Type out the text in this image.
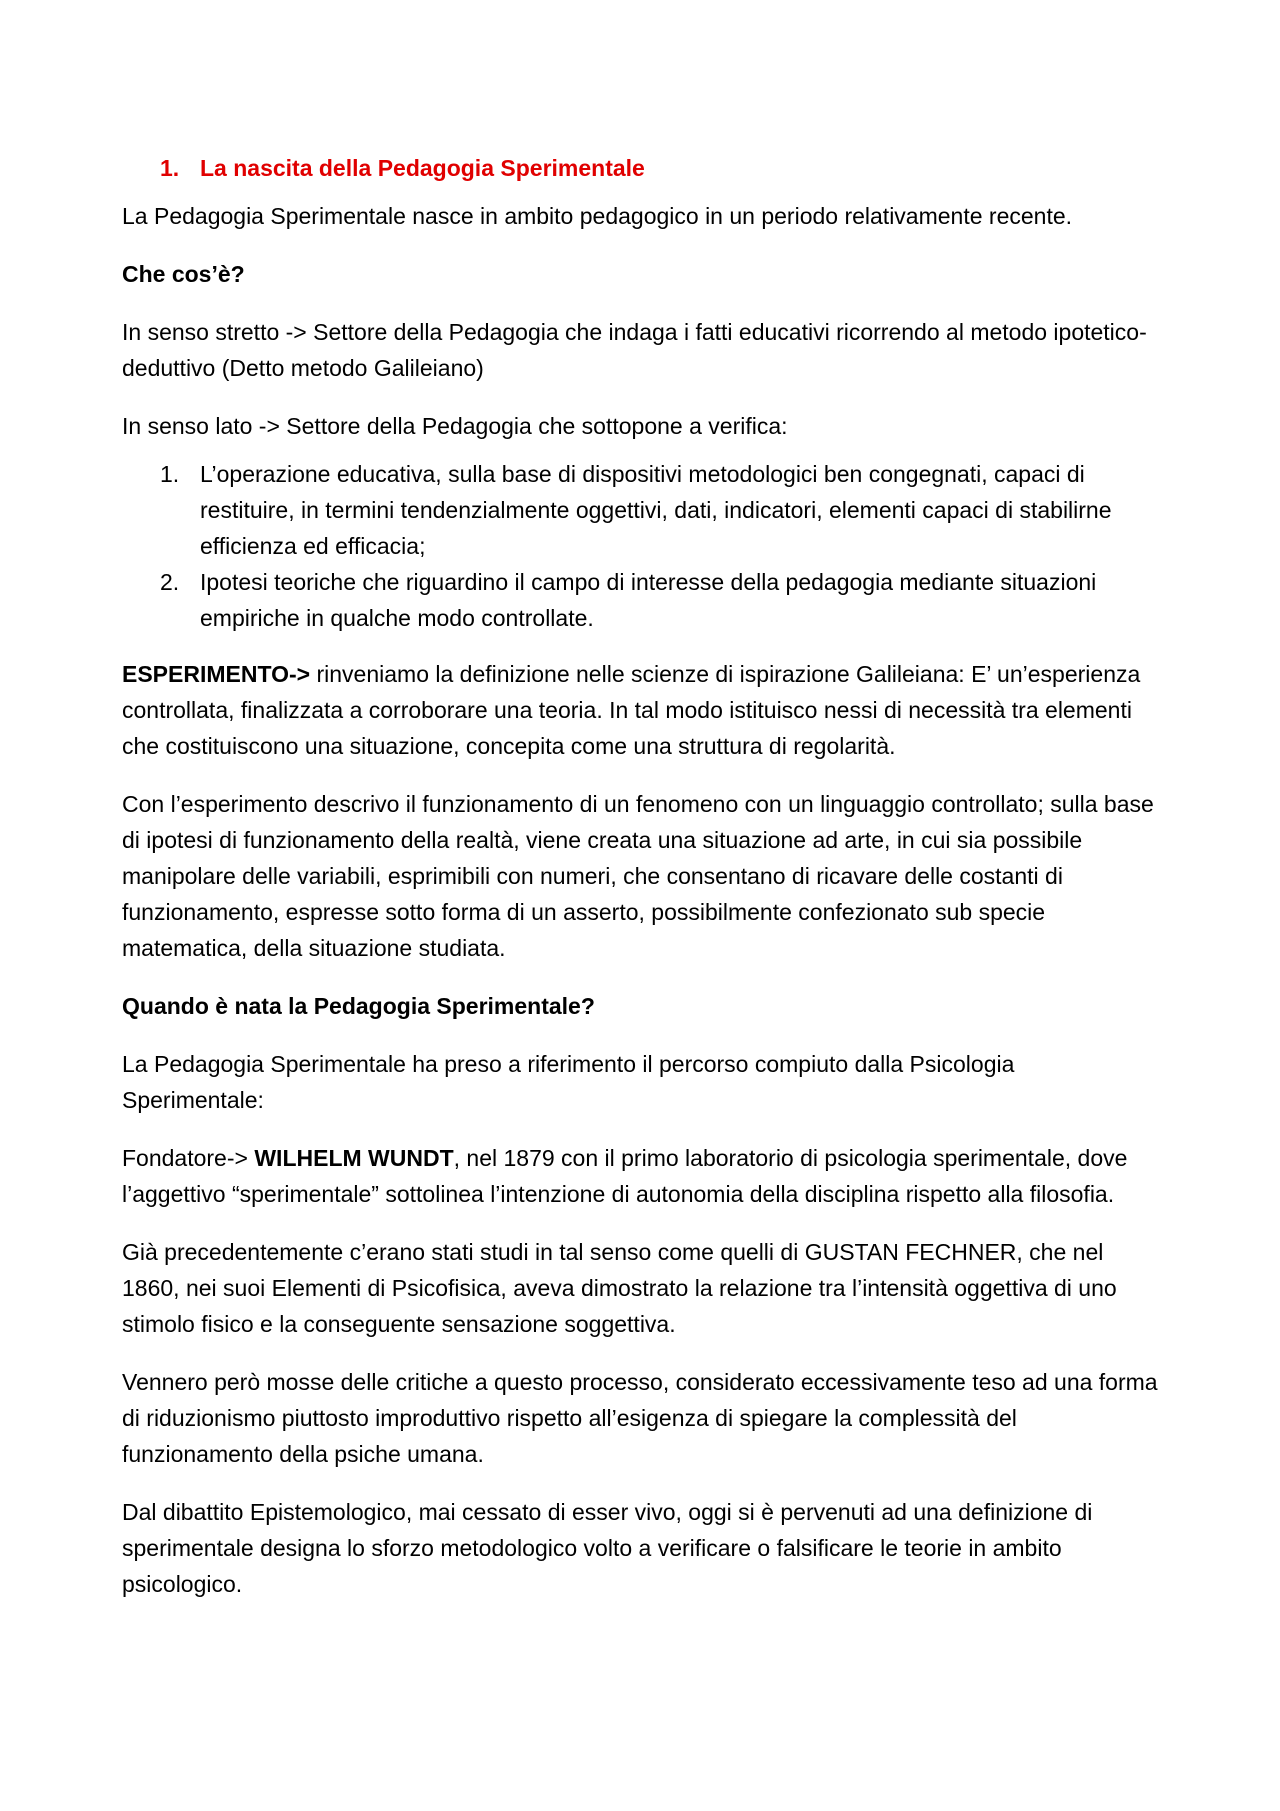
1. La nascita della Pedagogia Sperimentale

La Pedagogia Sperimentale nasce in ambito pedagogico in un periodo relativamente recente.

Che cos’è?

In senso stretto -> Settore della Pedagogia che indaga i fatti educativi ricorrendo al metodo ipotetico-deduttivo (Detto metodo Galileiano)

In senso lato -> Settore della Pedagogia che sottopone a verifica:

1. L’operazione educativa, sulla base di dispositivi metodologici ben congegnati, capaci di restituire, in termini tendenzialmente oggettivi, dati, indicatori, elementi capaci di stabilirne efficienza ed efficacia;
2. Ipotesi teoriche che riguardino il campo di interesse della pedagogia mediante situazioni empiriche in qualche modo controllate.

ESPERIMENTO-> rinveniamo la definizione nelle scienze di ispirazione Galileiana: E’ un’esperienza controllata, finalizzata a corroborare una teoria. In tal modo istituisco nessi di necessità tra elementi che costituiscono una situazione, concepita come una struttura di regolarità.

Con l’esperimento descrivo il funzionamento di un fenomeno con un linguaggio controllato; sulla base di ipotesi di funzionamento della realtà, viene creata una situazione ad arte, in cui sia possibile manipolare delle variabili, esprimibili con numeri, che consentano di ricavare delle costanti di funzionamento, espresse sotto forma di un asserto, possibilmente confezionato sub specie matematica, della situazione studiata.

Quando è nata la Pedagogia Sperimentale?

La Pedagogia Sperimentale ha preso a riferimento il percorso compiuto dalla Psicologia Sperimentale:

Fondatore-> WILHELM WUNDT, nel 1879 con il primo laboratorio di psicologia sperimentale, dove l’aggettivo “sperimentale” sottolinea l’intenzione di autonomia della disciplina rispetto alla filosofia.

Già precedentemente c’erano stati studi in tal senso come quelli di GUSTAN FECHNER, che nel 1860, nei suoi Elementi di Psicofisica, aveva dimostrato la relazione tra l’intensità oggettiva di uno stimolo fisico e la conseguente sensazione soggettiva.

Vennero però mosse delle critiche a questo processo, considerato eccessivamente teso ad una forma di riduzionismo piuttosto improduttivo rispetto all’esigenza di spiegare la complessità del funzionamento della psiche umana.

Dal dibattito Epistemologico, mai cessato di esser vivo, oggi si è pervenuti ad una definizione di sperimentale designa lo sforzo metodologico volto a verificare o falsificare le teorie in ambito psicologico.
